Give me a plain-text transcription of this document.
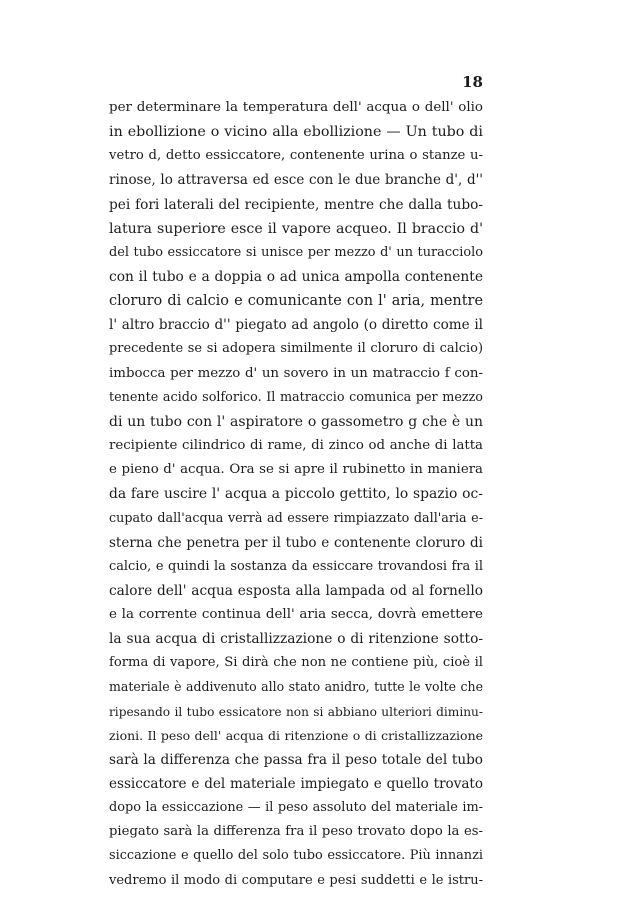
18
per determinare la temperatura dell' acqua o dell' olio
in ebollizione o vicino alla ebollizione — Un tubo di
vetro d, detto essiccatore, contenente urina o stanze u-
rinose, lo attraversa ed esce con le due branche d', d''
pei fori laterali del recipiente, mentre che dalla tubo-
latura superiore esce il vapore acqueo. Il braccio d'
del tubo essiccatore si unisce per mezzo d' un turacciolo
con il tubo e a doppia o ad unica ampolla contenente
cloruro di calcio e comunicante con l' aria, mentre
l' altro braccio d'' piegato ad angolo (o diretto come il
precedente se si adopera similmente il cloruro di calcio)
imbocca per mezzo d' un sovero in un matraccio f con-
tenente acido solforico. Il matraccio comunica per mezzo
di un tubo con l' aspiratore o gassometro g che è un
recipiente cilindrico di rame, di zinco od anche di latta
e pieno d' acqua. Ora se si apre il rubinetto in maniera
da fare uscire l' acqua a piccolo gettito, lo spazio oc-
cupato dall'acqua verrà ad essere rimpiazzato dall'aria e-
sterna che penetra per il tubo e contenente cloruro di
calcio, e quindi la sostanza da essiccare trovandosi fra il
calore dell' acqua esposta alla lampada od al fornello
e la corrente continua dell' aria secca, dovrà emettere
la sua acqua di cristallizzazione o di ritenzione sotto-
forma di vapore, Si dirà che non ne contiene più, cioè il
materiale è addivenuto allo stato anidro, tutte le volte che
ripesando il tubo essicatore non si abbiano ulteriori diminu-
zioni. Il peso dell' acqua di ritenzione o di cristallizzazione
sarà la differenza che passa fra il peso totale del tubo
essiccatore e del materiale impiegato e quello trovato
dopo la essiccazione — il peso assoluto del materiale im-
piegato sarà la differenza fra il peso trovato dopo la es-
siccazione e quello del solo tubo essiccatore. Più innanzi
vedremo il modo di computare e pesi suddetti e le istru-
